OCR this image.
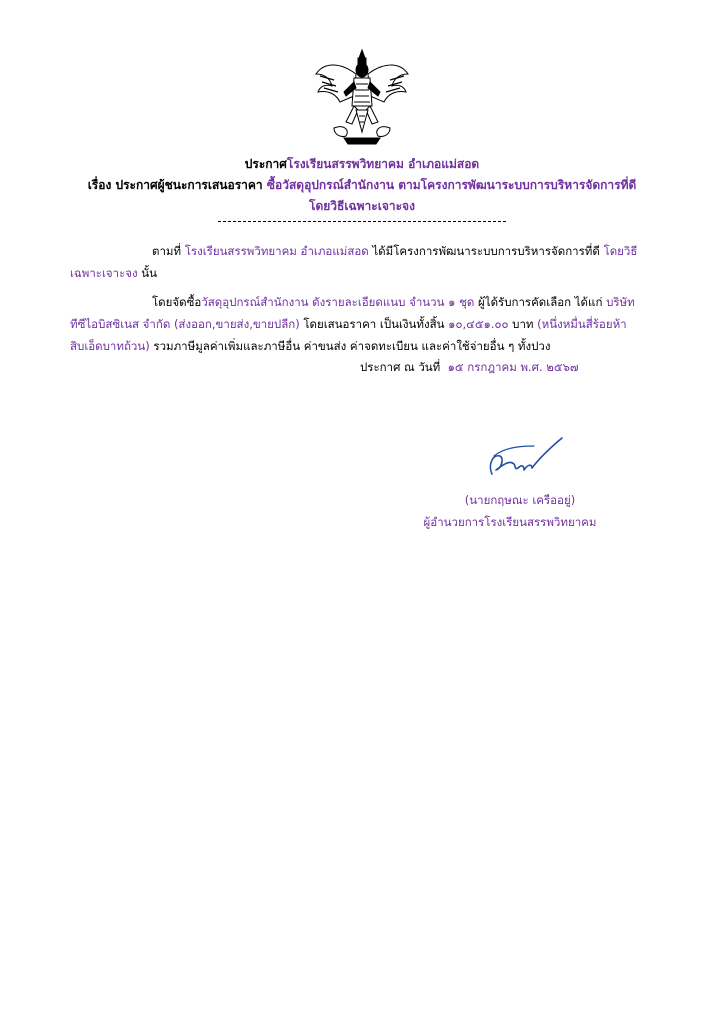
ประกาศโรงเรียนสรรพวิทยาคม อำเภอแม่สอด
เรื่อง ประกาศผู้ชนะการเสนอราคา ซื้อวัสดุอุปกรณ์สำนักงาน ตามโครงการพัฒนาระบบการบริหารจัดการที่ดี
โดยวิธีเฉพาะเจาะจง
ตามที่ โรงเรียนสรรพวิทยาคม อำเภอแม่สอด ได้มีโครงการพัฒนาระบบการบริหารจัดการที่ดี โดยวิธี
เฉพาะเจาะจง นั้น
โดยจัดซื้อวัสดุอุปกรณ์สำนักงาน ดังรายละเอียดแนบ จำนวน ๑ ชุด ผู้ได้รับการคัดเลือก ได้แก่ บริษัท
ทีซีไอบิสซิเนส จำกัด (ส่งออก,ขายส่ง,ขายปลีก) โดยเสนอราคา เป็นเงินทั้งสิ้น ๑๐,๔๕๑.๐๐ บาท (หนึ่งหมื่นสี่ร้อยห้า
สิบเอ็ดบาทถ้วน) รวมภาษีมูลค่าเพิ่มและภาษีอื่น ค่าขนส่ง ค่าจดทะเบียน และค่าใช้จ่ายอื่น ๆ ทั้งปวง
ประกาศ ณ วันที่ ๑๕ กรกฎาคม พ.ศ. ๒๕๖๗
(นายกฤษณะ เครืออยู่)
ผู้อำนวยการโรงเรียนสรรพวิทยาคม
